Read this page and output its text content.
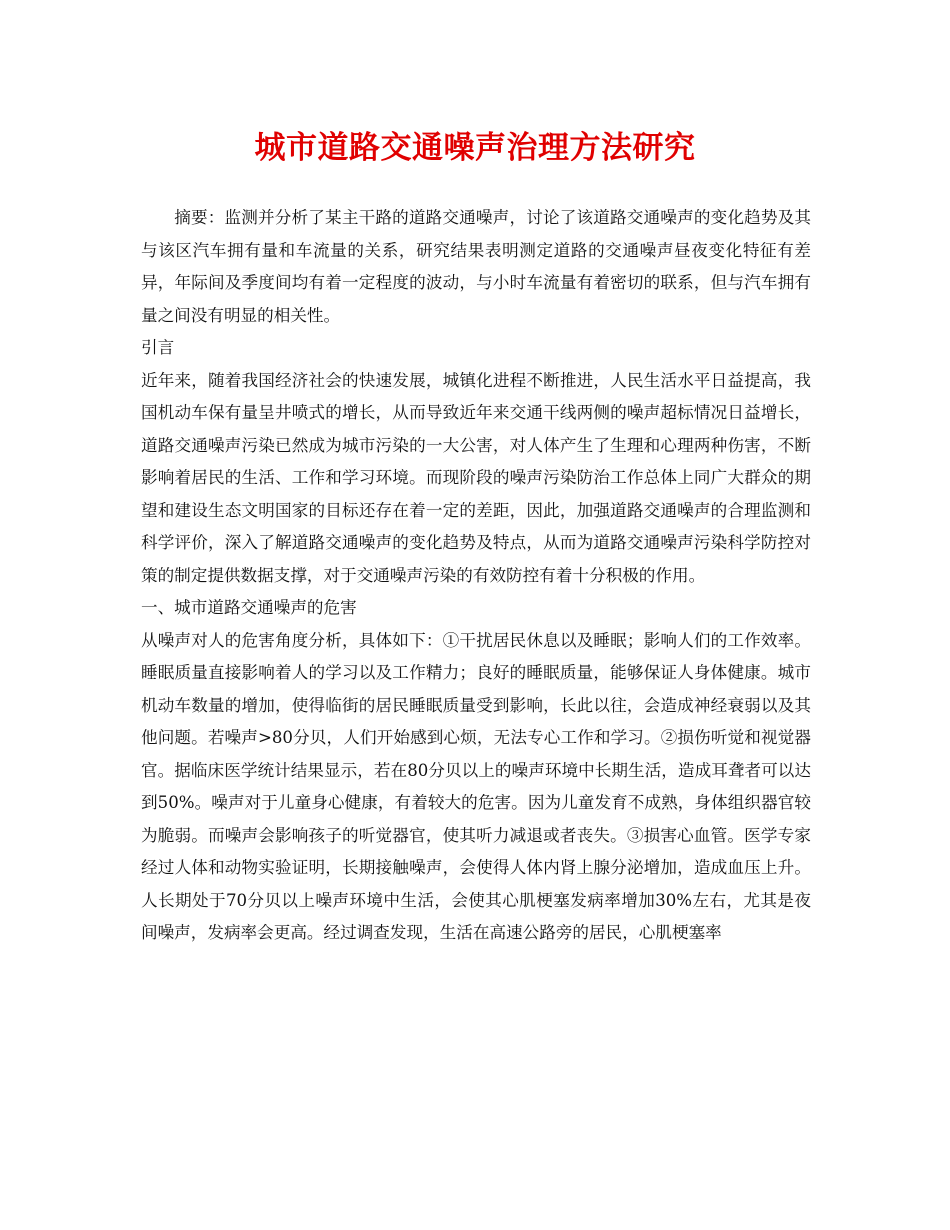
城市道路交通噪声治理方法研究

摘要：监测并分析了某主干路的道路交通噪声，讨论了该道路交通噪声的变化趋势及其与该区汽车拥有量和车流量的关系，研究结果表明测定道路的交通噪声昼夜变化特征有差异，年际间及季度间均有着一定程度的波动，与小时车流量有着密切的联系，但与汽车拥有量之间没有明显的相关性。

引言

近年来，随着我国经济社会的快速发展，城镇化进程不断推进，人民生活水平日益提高，我国机动车保有量呈井喷式的增长，从而导致近年来交通干线两侧的噪声超标情况日益增长，道路交通噪声污染已然成为城市污染的一大公害，对人体产生了生理和心理两种伤害，不断影响着居民的生活、工作和学习环境。而现阶段的噪声污染防治工作总体上同广大群众的期望和建设生态文明国家的目标还存在着一定的差距，因此，加强道路交通噪声的合理监测和科学评价，深入了解道路交通噪声的变化趋势及特点，从而为道路交通噪声污染科学防控对策的制定提供数据支撑，对于交通噪声污染的有效防控有着十分积极的作用。

一、城市道路交通噪声的危害

从噪声对人的危害角度分析，具体如下：①干扰居民休息以及睡眠；影响人们的工作效率。睡眠质量直接影响着人的学习以及工作精力；良好的睡眠质量，能够保证人身体健康。城市机动车数量的增加，使得临街的居民睡眠质量受到影响，长此以往，会造成神经衰弱以及其他问题。若噪声>80分贝，人们开始感到心烦，无法专心工作和学习。②损伤听觉和视觉器官。据临床医学统计结果显示，若在80分贝以上的噪声环境中长期生活，造成耳聋者可以达到50%。噪声对于儿童身心健康，有着较大的危害。因为儿童发育不成熟，身体组织器官较为脆弱。而噪声会影响孩子的听觉器官，使其听力减退或者丧失。③损害心血管。医学专家经过人体和动物实验证明，长期接触噪声，会使得人体内肾上腺分泌增加，造成血压上升。人长期处于70分贝以上噪声环境中生活，会使其心肌梗塞发病率增加30%左右，尤其是夜间噪声，发病率会更高。经过调查发现，生活在高速公路旁的居民，心肌梗塞率
